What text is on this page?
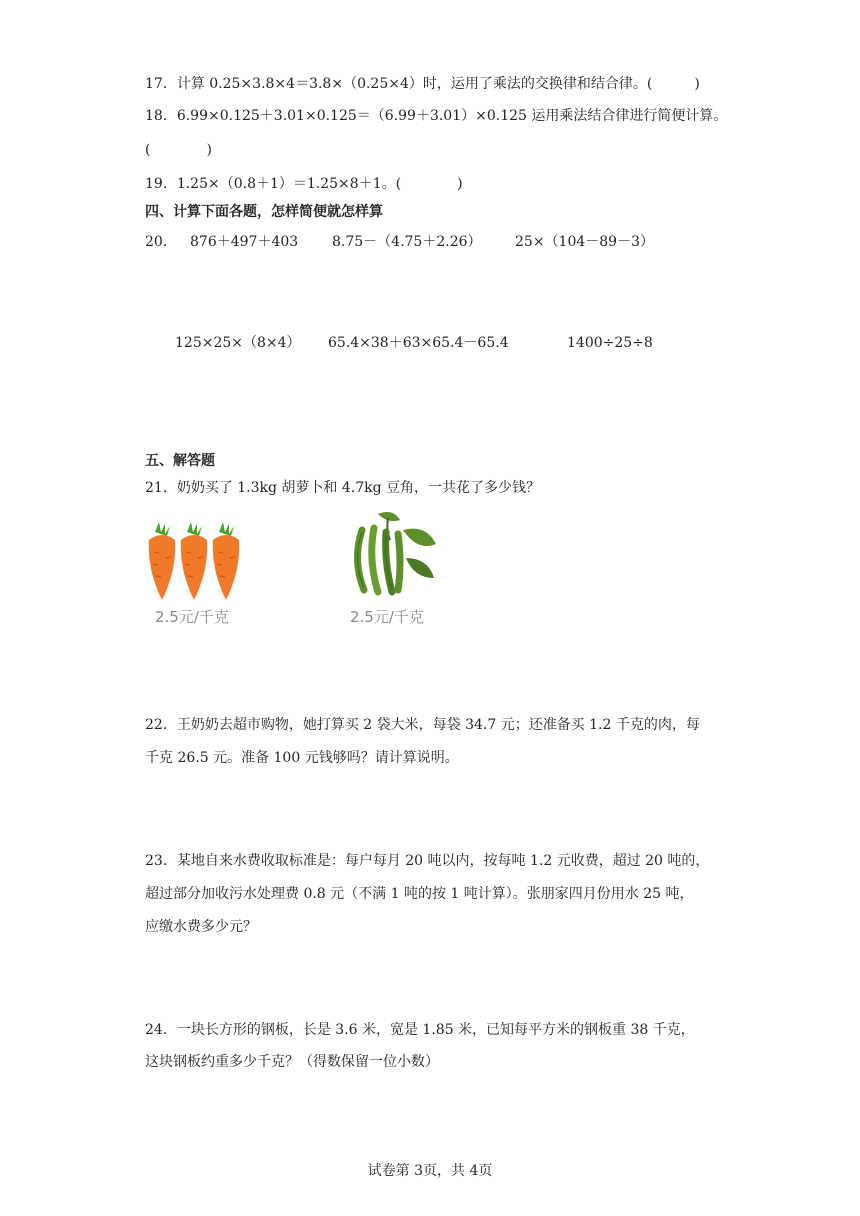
17．计算 0.25×3.8×4＝3.8×（0.25×4）时，运用了乘法的交换律和结合律。(　　　)
18．6.99×0.125＋3.01×0.125＝（6.99＋3.01）×0.125 运用乘法结合律进行简便计算。
(　　　　)
19．1.25×（0.8＋1）＝1.25×8＋1。(　　　　)
四、计算下面各题，怎样简便就怎样算
20． 876＋497＋403 8.75－（4.75＋2.26） 25×（104－89－3）
125×25×（8×4） 65.4×38＋63×65.4－65.4	1400÷25÷8
五、解答题
21．奶奶买了 1.3kg 胡萝卜和 4.7kg 豆角，一共花了多少钱？
2.5元/千克	2.5元/千克
22．王奶奶去超市购物，她打算买 2 袋大米，每袋 34.7 元；还准备买 1.2 千克的肉，每
千克 26.5 元。准备 100 元钱够吗？请计算说明。
23．某地自来水费收取标准是：每户每月 20 吨以内，按每吨 1.2 元收费，超过 20 吨的，
超过部分加收污水处理费 0.8 元（不满 1 吨的按 1 吨计算）。张朋家四月份用水 25 吨，
应缴水费多少元？
24．一块长方形的钢板，长是 3.6 米，宽是 1.85 米，已知每平方米的钢板重 38 千克，
这块钢板约重多少千克？（得数保留一位小数）
试卷第 3页，共 4页
